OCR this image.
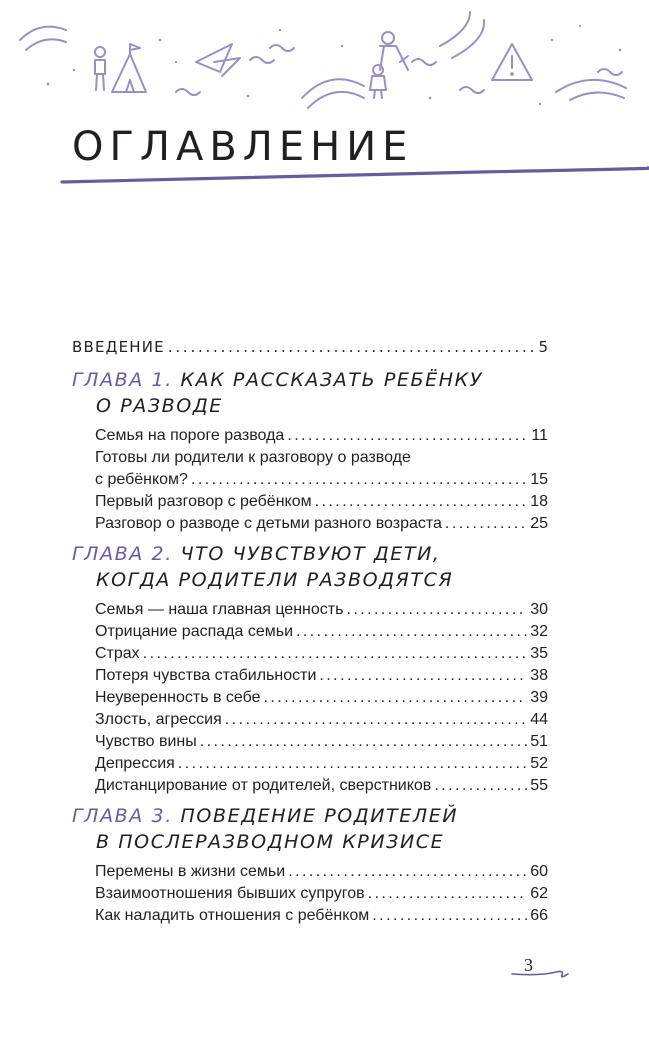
ОГЛАВЛЕНИЕ
ВВЕДЕНИЕ . . .	5
ГЛАВА 1. КАК РАССКАЗАТЬ РЕБЁНКУ
О РАЗВОДЕ
Семья на пороге развода . . .	11
Готовы ли родители к разговору о разводе
с ребёнком? . . .	15
Первый разговор с ребёнком . . .	18
Разговор о разводе с детьми разного возраста . . .	25
ГЛАВА 2. ЧТО ЧУВСТВУЮТ ДЕТИ,
КОГДА РОДИТЕЛИ РАЗВОДЯТСЯ
Семья — наша главная ценность . . .	30
Отрицание распада семьи . . .	32
Страх . . .	35
Потеря чувства стабильности . . .	38
Неуверенность в себе . . .	39
Злость, агрессия . . .	44
Чувство вины . . .	51
Депрессия . . .	52
Дистанцирование от родителей, сверстников . . .	55
ГЛАВА 3. ПОВЕДЕНИЕ РОДИТЕЛЕЙ
В ПОСЛЕРАЗВОДНОМ КРИЗИСЕ
Перемены в жизни семьи . . .	60
Взаимоотношения бывших супругов . . .	62
Как наладить отношения с ребёнком . . .	66
3
